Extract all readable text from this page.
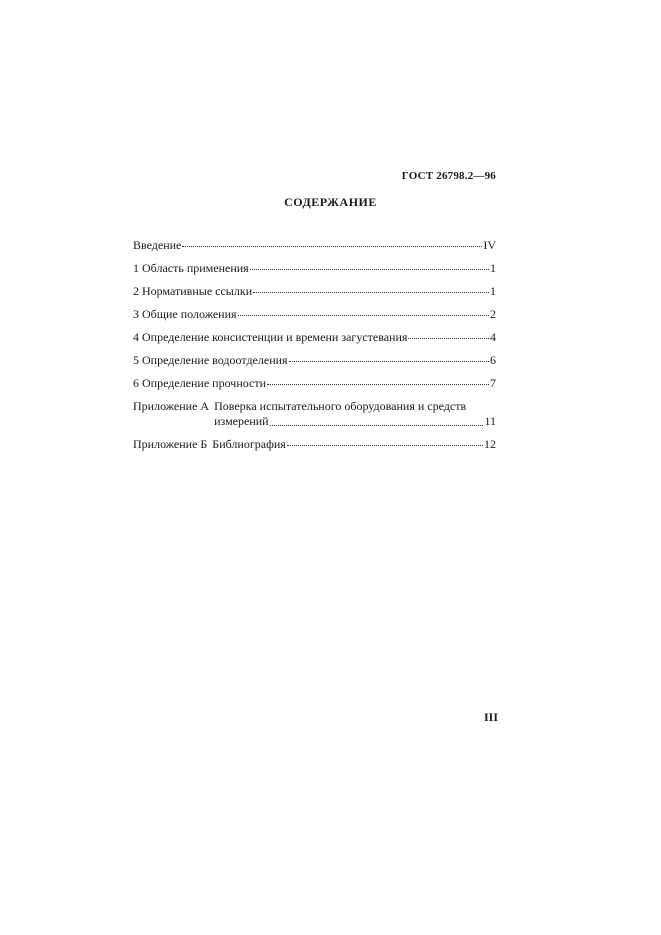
ГОСТ 26798.2—96
СОДЕРЖАНИЕ
Введение	IV
1 Область применения	1
2 Нормативные ссылки	1
3 Общие положения	2
4 Определение консистенции и времени загустевания	4
5 Определение водоотделения	6
6 Определение прочности	7
Приложение А Поверка испытательного оборудования и средств
измерений	11
Приложение Б Библиография	12
III
